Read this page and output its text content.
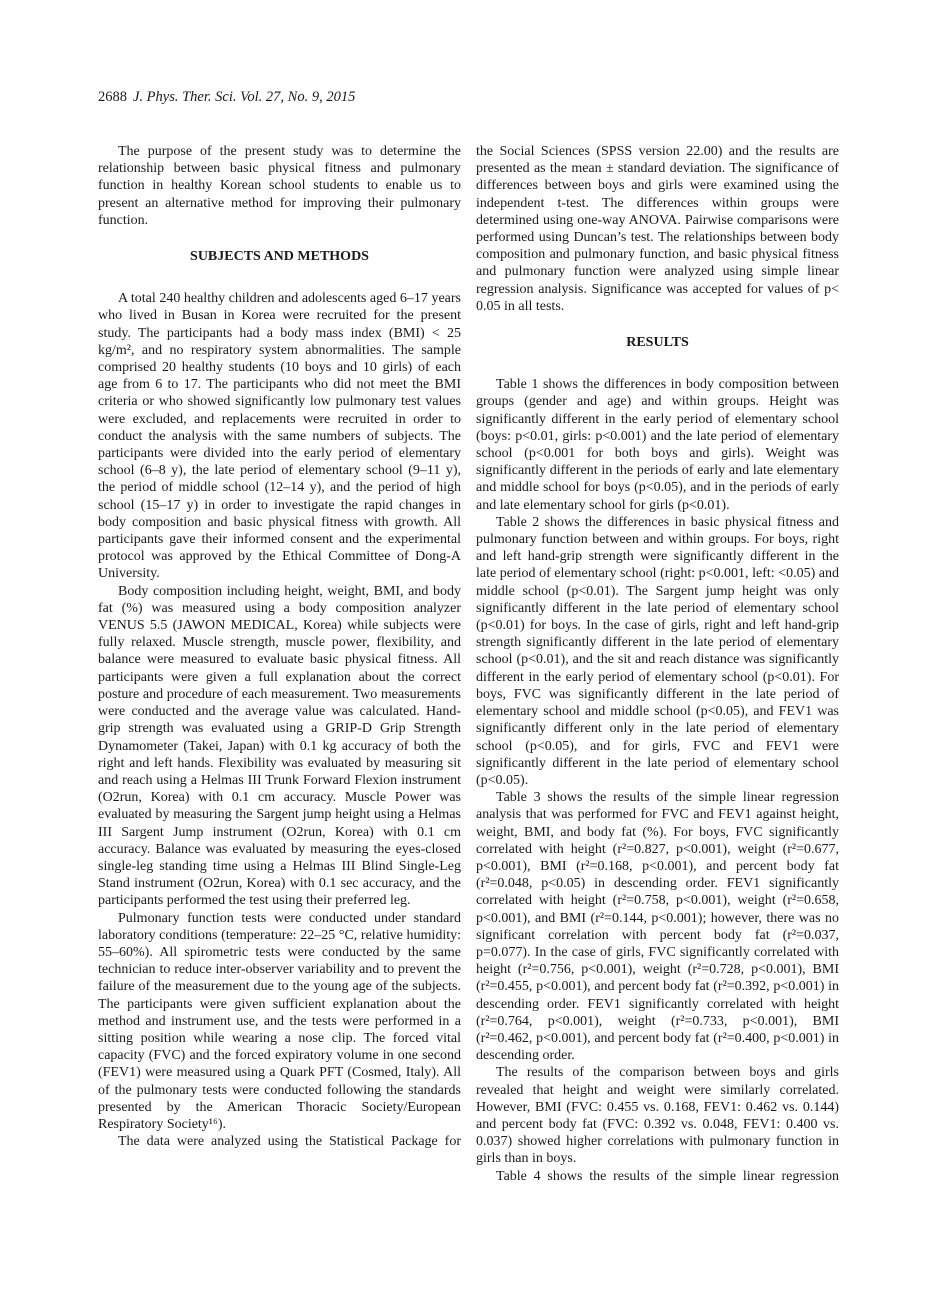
2688 J. Phys. Ther. Sci. Vol. 27, No. 9, 2015

The purpose of the present study was to determine the relationship between basic physical fitness and pulmonary function in healthy Korean school students to enable us to present an alternative method for improving their pulmonary function.

SUBJECTS AND METHODS

A total 240 healthy children and adolescents aged 6–17 years who lived in Busan in Korea were recruited for the present study. The participants had a body mass index (BMI) < 25 kg/m², and no respiratory system abnormalities. The sample comprised 20 healthy students (10 boys and 10 girls) of each age from 6 to 17. The participants who did not meet the BMI criteria or who showed significantly low pulmonary test values were excluded, and replacements were recruited in order to conduct the analysis with the same numbers of subjects. The participants were divided into the early period of elementary school (6–8 y), the late period of elementary school (9–11 y), the period of middle school (12–14 y), and the period of high school (15–17 y) in order to investigate the rapid changes in body composition and basic physical fitness with growth. All participants gave their informed consent and the experimental protocol was approved by the Ethical Committee of Dong-A University.

Body composition including height, weight, BMI, and body fat (%) was measured using a body composition analyzer VENUS 5.5 (JAWON MEDICAL, Korea) while subjects were fully relaxed. Muscle strength, muscle power, flexibility, and balance were measured to evaluate basic physical fitness. All participants were given a full explanation about the correct posture and procedure of each measurement. Two measurements were conducted and the average value was calculated. Hand-grip strength was evaluated using a GRIP-D Grip Strength Dynamometer (Takei, Japan) with 0.1 kg accuracy of both the right and left hands. Flexibility was evaluated by measuring sit and reach using a Helmas III Trunk Forward Flexion instrument (O2run, Korea) with 0.1 cm accuracy. Muscle Power was evaluated by measuring the Sargent jump height using a Helmas III Sargent Jump instrument (O2run, Korea) with 0.1 cm accuracy. Balance was evaluated by measuring the eyes-closed single-leg standing time using a Helmas III Blind Single-Leg Stand instrument (O2run, Korea) with 0.1 sec accuracy, and the participants performed the test using their preferred leg.

Pulmonary function tests were conducted under standard laboratory conditions (temperature: 22–25 °C, relative humidity: 55–60%). All spirometric tests were conducted by the same technician to reduce inter-observer variability and to prevent the failure of the measurement due to the young age of the subjects. The participants were given sufficient explanation about the method and instrument use, and the tests were performed in a sitting position while wearing a nose clip. The forced vital capacity (FVC) and the forced expiratory volume in one second (FEV1) were measured using a Quark PFT (Cosmed, Italy). All of the pulmonary tests were conducted following the standards presented by the American Thoracic Society/European Respiratory Society¹⁶).

The data were analyzed using the Statistical Package for

the Social Sciences (SPSS version 22.00) and the results are presented as the mean ± standard deviation. The significance of differences between boys and girls were examined using the independent t-test. The differences within groups were determined using one-way ANOVA. Pairwise comparisons were performed using Duncan’s test. The relationships between body composition and pulmonary function, and basic physical fitness and pulmonary function were analyzed using simple linear regression analysis. Significance was accepted for values of p< 0.05 in all tests.

RESULTS

Table 1 shows the differences in body composition between groups (gender and age) and within groups. Height was significantly different in the early period of elementary school (boys: p<0.01, girls: p<0.001) and the late period of elementary school (p<0.001 for both boys and girls). Weight was significantly different in the periods of early and late elementary and middle school for boys (p<0.05), and in the periods of early and late elementary school for girls (p<0.01).

Table 2 shows the differences in basic physical fitness and pulmonary function between and within groups. For boys, right and left hand-grip strength were significantly different in the late period of elementary school (right: p<0.001, left: <0.05) and middle school (p<0.01). The Sargent jump height was only significantly different in the late period of elementary school (p<0.01) for boys. In the case of girls, right and left hand-grip strength significantly different in the late period of elementary school (p<0.01), and the sit and reach distance was significantly different in the early period of elementary school (p<0.01). For boys, FVC was significantly different in the late period of elementary school and middle school (p<0.05), and FEV1 was significantly different only in the late period of elementary school (p<0.05), and for girls, FVC and FEV1 were significantly different in the late period of elementary school (p<0.05).

Table 3 shows the results of the simple linear regression analysis that was performed for FVC and FEV1 against height, weight, BMI, and body fat (%). For boys, FVC significantly correlated with height (r²=0.827, p<0.001), weight (r²=0.677, p<0.001), BMI (r²=0.168, p<0.001), and percent body fat (r²=0.048, p<0.05) in descending order. FEV1 significantly correlated with height (r²=0.758, p<0.001), weight (r²=0.658, p<0.001), and BMI (r²=0.144, p<0.001); however, there was no significant correlation with percent body fat (r²=0.037, p=0.077). In the case of girls, FVC significantly correlated with height (r²=0.756, p<0.001), weight (r²=0.728, p<0.001), BMI (r²=0.455, p<0.001), and percent body fat (r²=0.392, p<0.001) in descending order. FEV1 significantly correlated with height (r²=0.764, p<0.001), weight (r²=0.733, p<0.001), BMI (r²=0.462, p<0.001), and percent body fat (r²=0.400, p<0.001) in descending order.

The results of the comparison between boys and girls revealed that height and weight were similarly correlated. However, BMI (FVC: 0.455 vs. 0.168, FEV1: 0.462 vs. 0.144) and percent body fat (FVC: 0.392 vs. 0.048, FEV1: 0.400 vs. 0.037) showed higher correlations with pulmonary function in girls than in boys.

Table 4 shows the results of the simple linear regression
